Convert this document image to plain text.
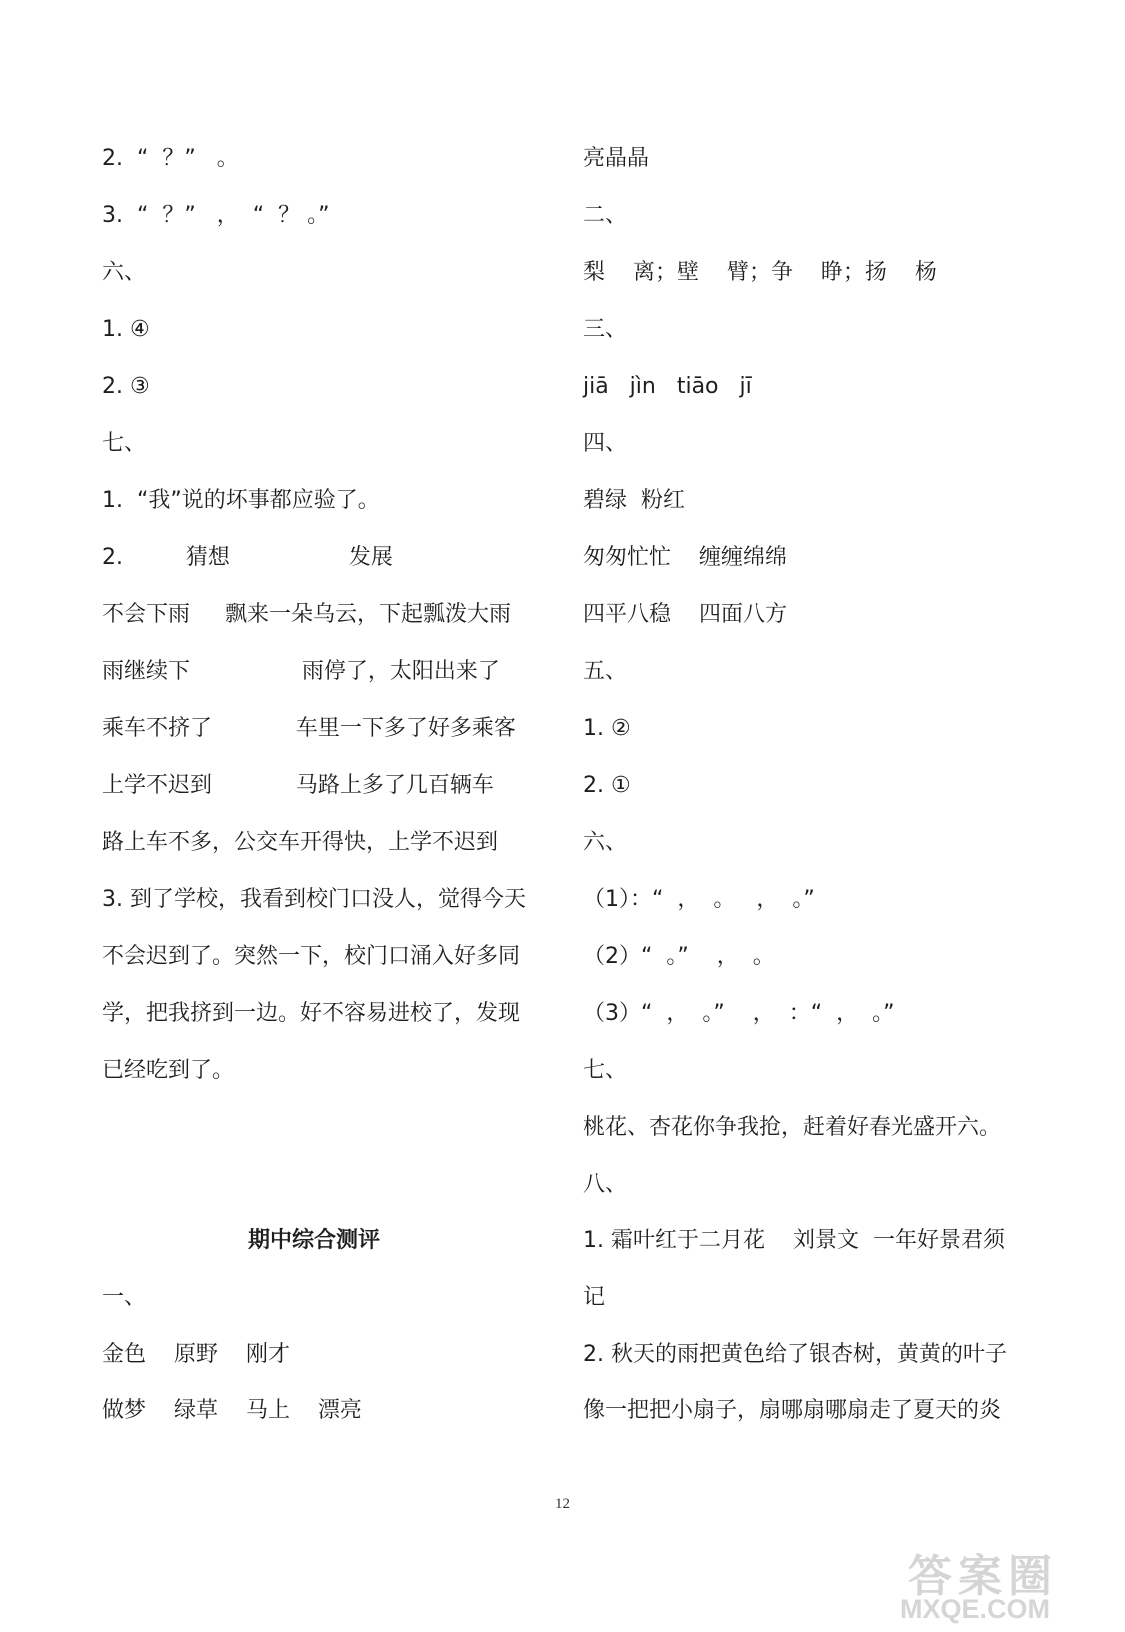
2.  “  ？”   。
3.  “  ？”   ，  “  ？ 。”
六、
1. ④
2. ③
七、
1.  “我”说的坏事都应验了。
2.         猜想                 发展
不会下雨     飘来一朵乌云，下起瓢泼大雨
雨继续下                雨停了，太阳出来了
乘车不挤了            车里一下多了好多乘客
上学不迟到            马路上多了几百辆车
路上车不多，公交车开得快，上学不迟到
3. 到了学校，我看到校门口没人，觉得今天
不会迟到了。突然一下，校门口涌入好多同
学，把我挤到一边。好不容易进校了，发现
已经吃到了。
期中综合测评
一、
金色    原野    刚才
做梦    绿草    马上    漂亮
亮晶晶
二、
梨    离；壁    臂；争    睁；扬    杨
三、
jiā   jìn   tiāo   jī
四、
碧绿  粉红
匆匆忙忙    缠缠绵绵
四平八稳    四面八方
五、
1. ②
2. ①
六、
（1）：“  ，  。   ，  。”
（2）“  。”    ，  。
（3）“  ，  。”    ，  ：“  ，  。”
七、
桃花、杏花你争我抢，赶着好春光盛开六。
八、
1. 霜叶红于二月花    刘景文  一年好景君须
记
2. 秋天的雨把黄色给了银杏树，黄黄的叶子
像一把把小扇子，扇哪扇哪扇走了夏天的炎
12
答案圈
MXQE.COM
